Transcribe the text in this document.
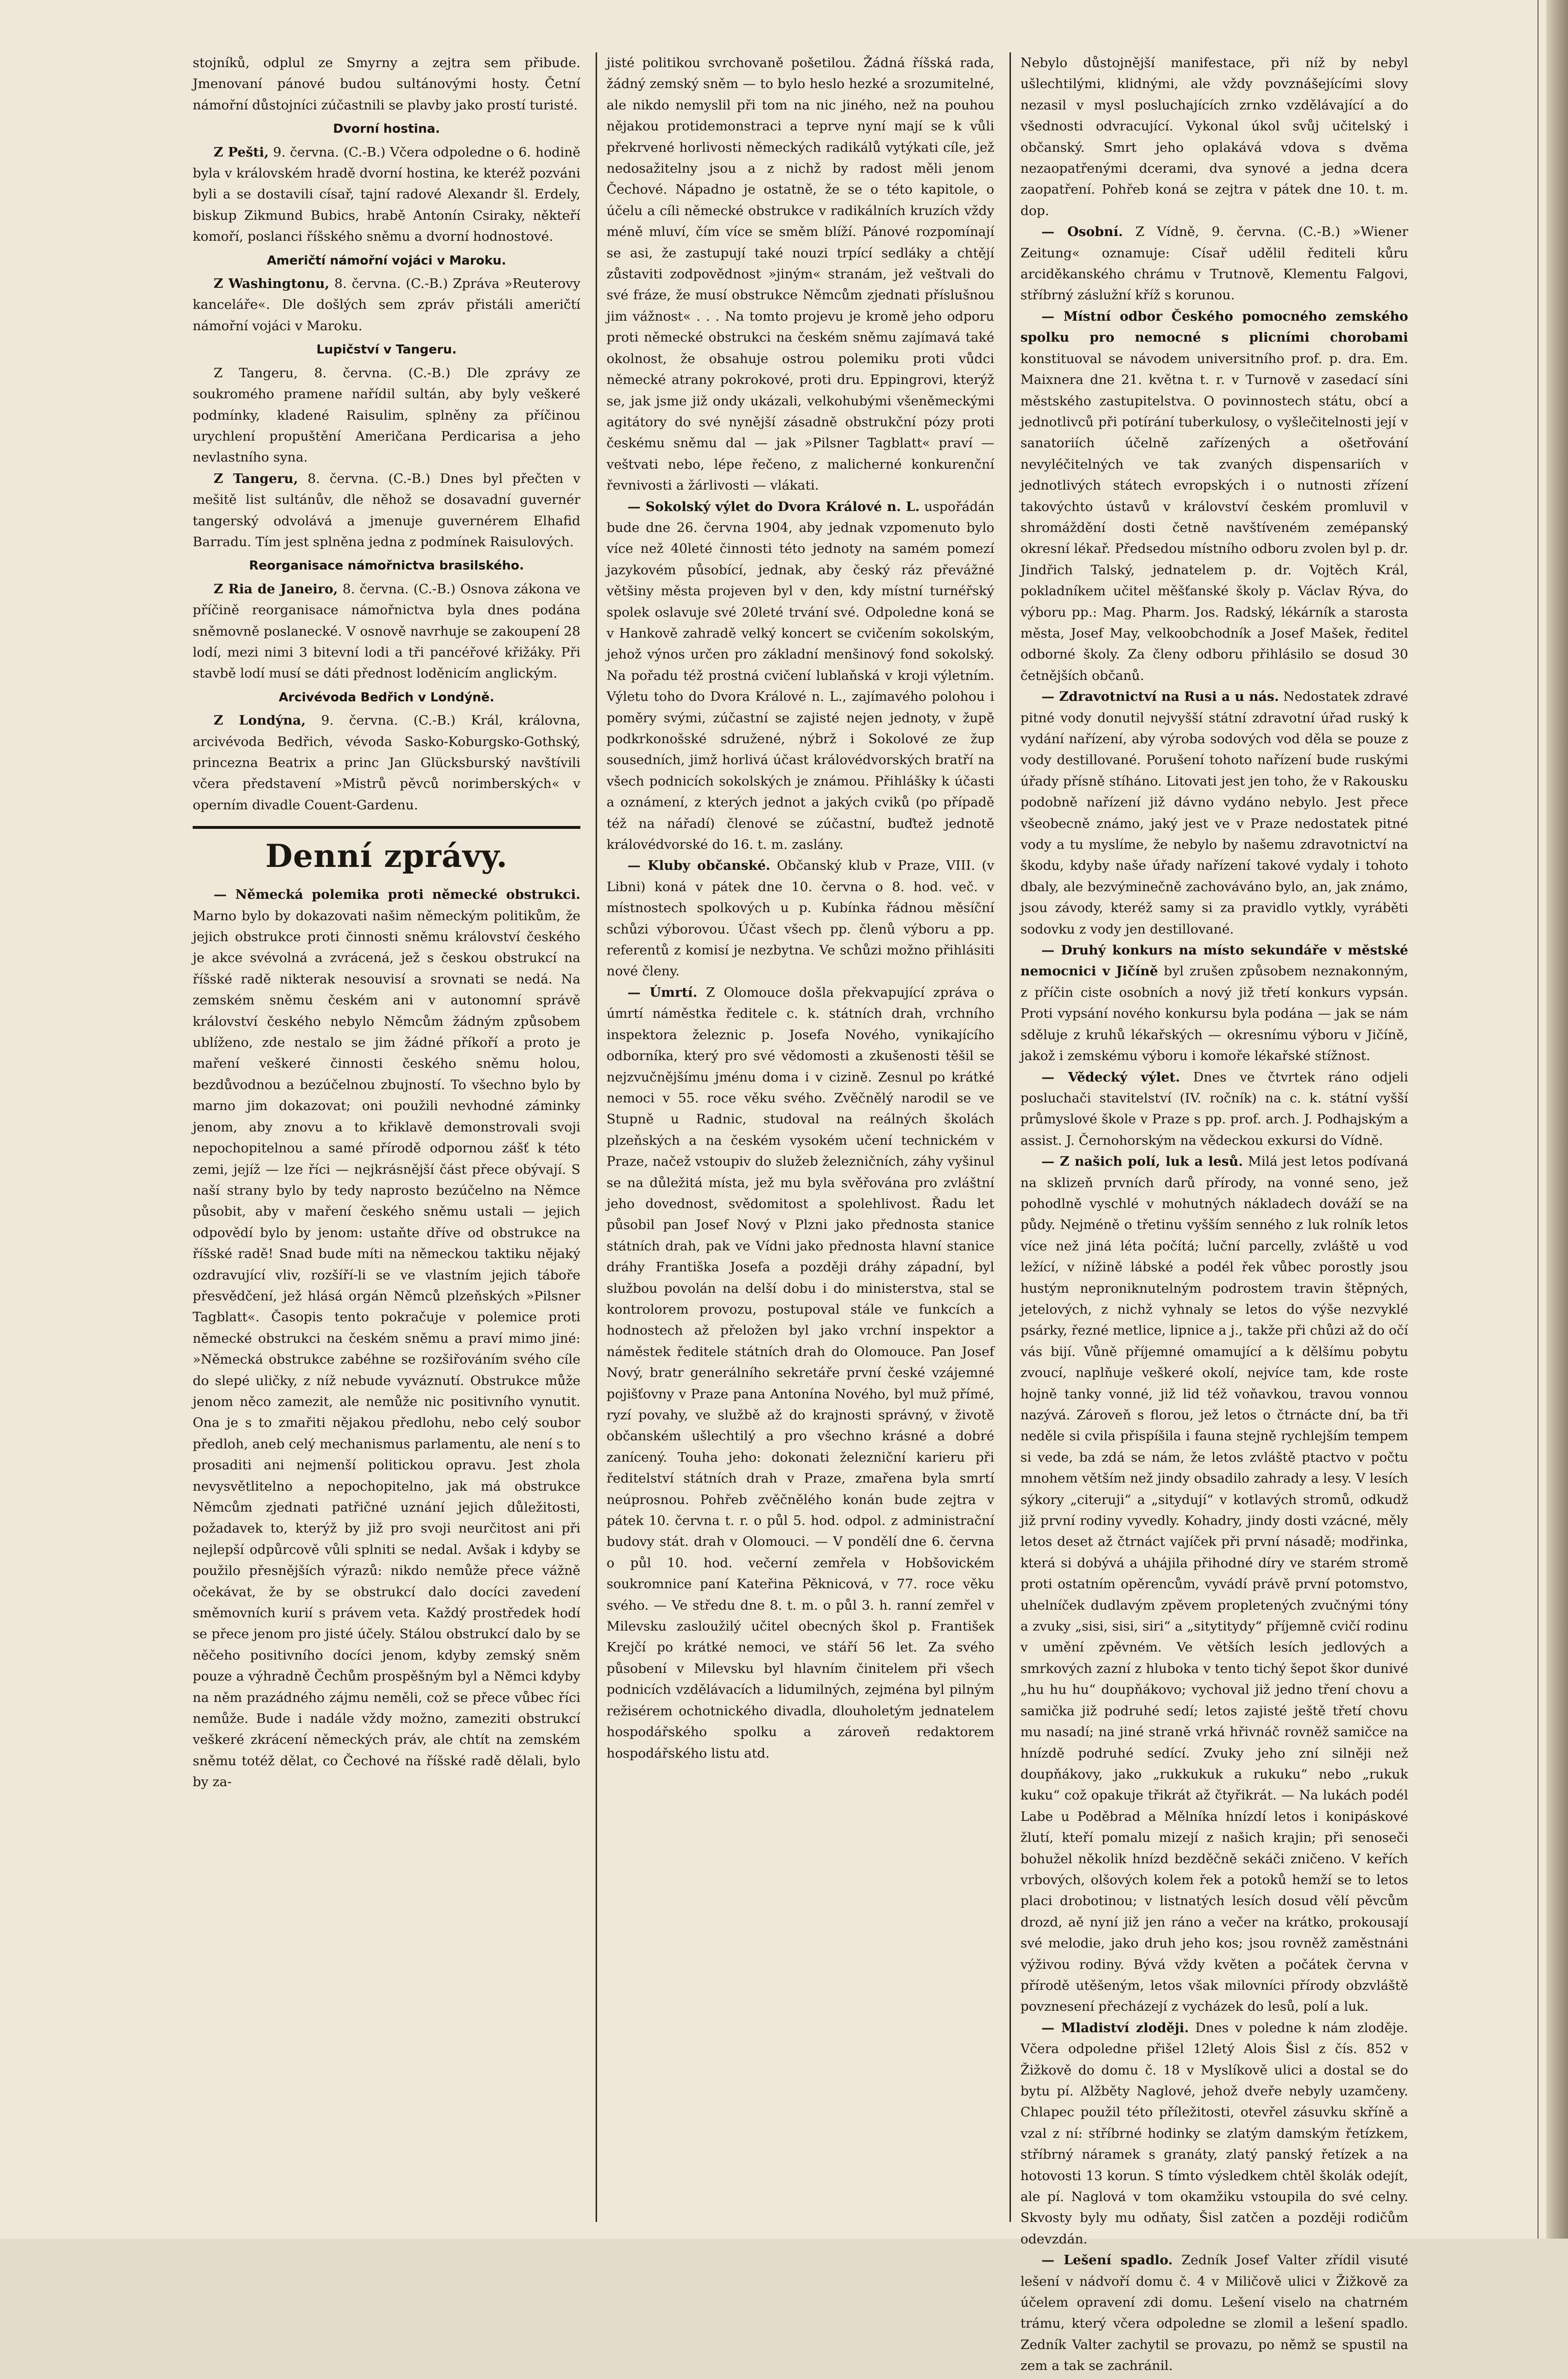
stojníků, odplul ze Smyrny a zejtra sem přibude. Jmenovaní pánové budou sultánovými hosty. Četní námořní důstojníci zúčastnili se plavby jako prostí turisté.

Dvorní hostina.

Z Pešti, 9. června. (C.-B.) Včera odpoledne o 6. hodině byla v královském hradě dvorní hostina, ke kteréž pozváni byli a se dostavili císař, tajní radové Alexandr šl. Erdely, biskup Zikmund Bubics, hrabě Antonín Csiraky, někteří komoří, poslanci říšského sněmu a dvorní hodnostové.

Američtí námořní vojáci v Maroku.

Z Washingtonu, 8. června. (C.-B.) Zpráva »Reuterovy kanceláře«. Dle došlých sem zpráv přistáli američtí námořní vojáci v Maroku.

Lupičství v Tangeru.

Z Tangeru, 8. června. (C.-B.) Dle zprávy ze soukromého pramene nařídil sultán, aby byly veškeré podmínky, kladené Raisulim, splněny za příčinou urychlení propuštění Američana Perdicarisa a jeho nevlastního syna.

Z Tangeru, 8. června. (C.-B.) Dnes byl přečten v mešitě list sultánův, dle něhož se dosavadní guvernér tangerský odvolává a jmenuje guvernérem Elhafid Barradu. Tím jest splněna jedna z podmínek Raisulových.

Reorganisace námořnictva brasilského.

Z Ria de Janeiro, 8. června. (C.-B.) Osnova zákona ve příčině reorganisace námořnictva byla dnes podána sněmovně poslanecké. V osnově navrhuje se zakoupení 28 lodí, mezi nimi 3 bitevní lodi a tři pancéřové křižáky. Při stavbě lodí musí se dáti přednost loděnicím anglickým.

Arcivévoda Bedřich v Londýně.

Z Londýna, 9. června. (C.-B.) Král, královna, arcivévoda Bedřich, vévoda Sasko-Koburgsko-Gothský, princezna Beatrix a princ Jan Glücksburský navštívili včera představení »Mistrů pěvců norimberských« v operním divadle Couent-Gardenu.

Denní zprávy.

— Německá polemika proti německé obstrukci. Marno bylo by dokazovati našim německým politikům, že jejich obstrukce proti činnosti sněmu království českého je akce svévolná a zvrácená, jež s českou obstrukcí na říšské radě nikterak nesouvisí a srovnati se nedá. Na zemském sněmu českém ani v autonomní správě království českého nebylo Němcům žádným způsobem ublíženo, zde nestalo se jim žádné příkoří a proto je maření veškeré činnosti českého sněmu holou, bezdůvodnou a bezúčelnou zbujností. To všechno bylo by marno jim dokazovat; oni použili nevhodné záminky jenom, aby znovu a to křiklavě demonstrovali svoji nepochopitelnou a samé přírodě odpornou zášť k této zemi, jejíž — lze říci — nejkrásnější část přece obývají. S naší strany bylo by tedy naprosto bezúčelno na Němce působit, aby v maření českého sněmu ustali — jejich odpovědí bylo by jenom: ustaňte dříve od obstrukce na říšské radě! Snad bude míti na německou taktiku nějaký ozdravující vliv, rozšíří-li se ve vlastním jejich táboře přesvědčení, jež hlásá orgán Němců plzeňských »Pilsner Tagblatt«. Časopis tento pokračuje v polemice proti německé obstrukci na českém sněmu a praví mimo jiné: »Německá obstrukce zabéhne se rozšiřováním svého cíle do slepé uličky, z níž nebude vyváznutí. Obstrukce může jenom něco zamezit, ale nemůže nic positivního vynutit. Ona je s to zmařiti nějakou předlohu, nebo celý soubor předloh, aneb celý mechanismus parlamentu, ale není s to prosaditi ani nejmenší politickou opravu. Jest zhola nevysvětlitelno a nepochopitelno, jak má obstrukce Němcům zjednati patřičné uznání jejich důležitosti, požadavek to, kterýž by již pro svoji neurčitost ani při nejlepší odpůrcově vůli splniti se nedal. Avšak i kdyby se použilo přesnějších výrazů: nikdo nemůže přece vážně očekávat, že by se obstrukcí dalo docíci zavedení směmovních kurií s právem veta. Každý prostředek hodí se přece jenom pro jisté účely. Stálou obstrukcí dalo by se něčeho positivního docíci jenom, kdyby zemský sněm pouze a výhradně Čechům prospěšným byl a Němci kdyby na něm prazádného zájmu neměli, což se přece vůbec říci nemůže. Bude i nadále vždy možno, zameziti obstrukcí veškeré zkrácení německých práv, ale chtít na zemském sněmu totéž dělat, co Čechové na říšské radě dělali, bylo by za-

jisté politikou svrchovaně pošetilou. Žádná říšská rada, žádný zemský sněm — to bylo heslo hezké a srozumitelné, ale nikdo nemyslil při tom na nic jiného, než na pouhou nějakou protidemonstraci a teprve nyní mají se k vůli překrvené horlivosti německých radikálů vytýkati cíle, jež nedosažitelny jsou a z nichž by radost měli jenom Čechové. Nápadno je ostatně, že se o této kapitole, o účelu a cíli německé obstrukce v radikálních kruzích vždy méně mluví, čím více se směm blíží. Pánové rozpomínají se asi, že zastupují také nouzi trpící sedláky a chtějí zůstaviti zodpovědnost »jiným« stranám, jež veštvali do své fráze, že musí obstrukce Němcům zjednati příslušnou jim vážnost« . . . Na tomto projevu je kromě jeho odporu proti německé obstrukci na českém sněmu zajímavá také okolnost, že obsahuje ostrou polemiku proti vůdci německé atrany pokrokové, proti dru. Eppingrovi, kterýž se, jak jsme již ondy ukázali, velkohubými všeněmeckými agitátory do své nynější zásadně obstrukční pózy proti českému sněmu dal — jak »Pilsner Tagblatt« praví — veštvati nebo, lépe řečeno, z malicherné konkurenční řevnivosti a žárlivosti — vlákati.

— Sokolský výlet do Dvora Králové n. L. uspořádán bude dne 26. června 1904, aby jednak vzpomenuto bylo více než 40leté činnosti této jednoty na samém pomezí jazykovém působící, jednak, aby český ráz převážné většiny města projeven byl v den, kdy místní turnéřský spolek oslavuje své 20leté trvání své. Odpoledne koná se v Hankově zahradě velký koncert se cvičením sokolským, jehož výnos určen pro základní menšinový fond sokolský. Na pořadu též prostná cvičení lublaňská v kroji výletním. Výletu toho do Dvora Králové n. L., zajímavého polohou i poměry svými, zúčastní se zajisté nejen jednoty, v župě podkrkonošské sdružené, nýbrž i Sokolové ze žup sousedních, jimž horlivá účast královédvorských bratří na všech podnicích sokolských je známou. Přihlášky k účasti a oznámení, z kterých jednot a jakých cviků (po případě též na nářadí) členové se zúčastní, buďtež jednotě královédvorské do 16. t. m. zaslány.

— Kluby občanské. Občanský klub v Praze, VIII. (v Libni) koná v pátek dne 10. června o 8. hod. več. v místnostech spolkových u p. Kubínka řádnou měsíční schůzi výborovou. Účast všech pp. členů výboru a pp. referentů z komisí je nezbytna. Ve schůzi možno přihlásiti nové členy.

— Úmrtí. Z Olomouce došla překvapující zpráva o úmrtí náměstka ředitele c. k. státních drah, vrchního inspektora železnic p. Josefa Nového, vynikajícího odborníka, který pro své vědomosti a zkušenosti těšil se nejzvučnějšímu jménu doma i v cizině. Zesnul po krátké nemoci v 55. roce věku svého. Zvěčnělý narodil se ve Stupně u Radnic, studoval na reálných školách plzeňských a na českém vysokém učení technickém v Praze, načež vstoupiv do služeb železničních, záhy vyšinul se na důležitá místa, jež mu byla svěřována pro zvláštní jeho dovednost, svědomitost a spolehlivost. Řadu let působil pan Josef Nový v Plzni jako přednosta stanice státních drah, pak ve Vídni jako přednosta hlavní stanice dráhy Františka Josefa a později dráhy západní, byl službou povolán na delší dobu i do ministerstva, stal se kontrolorem provozu, postupoval stále ve funkcích a hodnostech až přeložen byl jako vrchní inspektor a náměstek ředitele státních drah do Olomouce. Pan Josef Nový, bratr generálního sekretáře první české vzájemné pojišťovny v Praze pana Antonína Nového, byl muž přímé, ryzí povahy, ve službě až do krajnosti správný, v životě občanském ušlechtilý a pro všechno krásné a dobré zanícený. Touha jeho: dokonati železniční karieru při ředitelství státních drah v Praze, zmařena byla smrtí neúprosnou. Pohřeb zvěčnělého konán bude zejtra v pátek 10. června t. r. o půl 5. hod. odpol. z administrační budovy stát. drah v Olomouci. — V pondělí dne 6. června o půl 10. hod. večerní zemřela v Hobšovickém soukromnice paní Kateřina Pěknicová, v 77. roce věku svého. — Ve středu dne 8. t. m. o půl 3. h. ranní zemřel v Milevsku zasloužilý učitel obecných škol p. František Krejčí po krátké nemoci, ve stáří 56 let. Za svého působení v Milevsku byl hlavním činitelem při všech podnicích vzdělávacích a lidumilných, zejména byl pilným režisérem ochotnického divadla, dlouholetým jednatelem hospodářského spolku a zároveň redaktorem hospodářského listu atd.

Nebylo důstojnější manifestace, při níž by nebyl ušlechtilými, klidnými, ale vždy povznášejícími slovy nezasil v mysl posluchajících zrnko vzdělávající a do všednosti odvracující. Vykonal úkol svůj učitelský i občanský. Smrt jeho oplakává vdova s dvěma nezaopatřenými dcerami, dva synové a jedna dcera zaopatření. Pohřeb koná se zejtra v pátek dne 10. t. m. dop.

— Osobní. Z Vídně, 9. června. (C.-B.) »Wiener Zeitung« oznamuje: Císař udělil řediteli kůru arciděkanského chrámu v Trutnově, Klementu Falgovi, stříbrný záslužní kříž s korunou.

— Místní odbor Českého pomocného zemského spolku pro nemocné s plicními chorobami konstituoval se návodem universitního prof. p. dra. Em. Maixnera dne 21. května t. r. v Turnově v zasedací síni městského zastupitelstva. O povinnostech státu, obcí a jednotlivců při potírání tuberkulosy, o vyšlečitelnosti její v sanatoriích účelně zařízených a ošetřování nevyléčitelných ve tak zvaných dispensariích v jednotlivých státech evropských i o nutnosti zřízení takovýchto ústavů v království českém promluvil v shromáždění dosti četně navštíveném zemépanský okresní lékař. Předsedou místního odboru zvolen byl p. dr. Jindřich Talský, jednatelem p. dr. Vojtěch Král, pokladníkem učitel měšťanské školy p. Václav Rýva, do výboru pp.: Mag. Pharm. Jos. Radský, lékárník a starosta města, Josef May, velkoobchodník a Josef Mašek, ředitel odborné školy. Za členy odboru přihlásilo se dosud 30 četnějších občanů.

— Zdravotnictví na Rusi a u nás. Nedostatek zdravé pitné vody donutil nejvyšší státní zdravotní úřad ruský k vydání nařízení, aby výroba sodových vod děla se pouze z vody destillované. Porušení tohoto nařízení bude ruskými úřady přísně stíháno. Litovati jest jen toho, že v Rakousku podobně nařízení již dávno vydáno nebylo. Jest přece všeobecně známo, jaký jest ve v Praze nedostatek pitné vody a tu myslíme, že nebylo by našemu zdravotnictví na škodu, kdyby naše úřady nařízení takové vydaly i tohoto dbaly, ale bezvýminečně zachováváno bylo, an, jak známo, jsou závody, kteréž samy si za pravidlo vytkly, vyráběti sodovku z vody jen destillované.

— Druhý konkurs na místo sekundáře v městské nemocnici v Jičíně byl zrušen způsobem neznakonným, z příčin ciste osobních a nový již třetí konkurs vypsán. Proti vypsání nového konkursu byla podána — jak se nám sděluje z kruhů lékařských — okresnímu výboru v Jičíně, jakož i zemskému výboru i komoře lékařské stížnost.

— Vědecký výlet. Dnes ve čtvrtek ráno odjeli posluchači stavitelství (IV. ročník) na c. k. státní vyšší průmyslové škole v Praze s pp. prof. arch. J. Podhajským a assist. J. Černohorským na vědeckou exkursi do Vídně.

— Z našich polí, luk a lesů. Milá jest letos podívaná na sklizeň prvních darů přírody, na vonné seno, jež pohodlně vyschlé v mohutných nákladech dováží se na půdy. Nejméně o třetinu vyšším senného z luk rolník letos více než jiná léta počítá; luční parcelly, zvláště u vod ležící, v nížině lábské a podél řek vůbec porostly jsou hustým neproniknutelným podrostem travin štěpných, jetelových, z nichž vyhnaly se letos do výše nezvyklé psárky, řezné metlice, lipnice a j., takže při chůzi až do očí vás bijí. Vůně příjemné omamující a k dělšímu pobytu zvoucí, naplňuje veškeré okolí, nejvíce tam, kde roste hojně tanky vonné, již lid též voňavkou, travou vonnou nazývá. Zároveň s florou, jež letos o čtrnácte dní, ba tři neděle si cvila přispíšila i fauna stejně rychlejším tempem si vede, ba zdá se nám, že letos zvláště ptactvo v počtu mnohem větším než jindy obsadilo zahrady a lesy. V lesích sýkory „citeruji“ a „sitydují“ v kotlavých stromů, odkudž již první rodiny vyvedly. Kohadry, jindy dosti vzácné, měly letos deset až čtrnáct vajíček při první násadě; modřinka, která si dobývá a uhájila přihodné díry ve starém stromě proti ostatním opěrencům, vyvádí právě první potomstvo, uhelníček dudlavým zpěvem propletených zvučnými tóny a zvuky „sisi, sisi, siri“ a „sitytitydy“ příjemně cvičí rodinu v umění zpěvném. Ve větších lesích jedlových a smrkových zazní z hluboka v tento tichý šepot škor dunivé „hu hu hu“ doupňákovo; vychoval již jedno tření chovu a samička již podruhé sedí; letos zajisté ještě třetí chovu mu nasadí; na jiné straně vrká hřivnáč rovněž samičce na hnízdě podruhé sedící. Zvuky jeho zní silněji než doupňákovy, jako „rukkukuk a rukuku“ nebo „rukuk kuku“ což opakuje třikrát až čtyřikrát. — Na lukách podél Labe u Poděbrad a Mělníka hnízdí letos i konipáskové žlutí, kteří pomalu mizejí z našich krajin; při senoseči bohužel několik hnízd bezděčně sekáči zničeno. V keřích vrbových, olšových kolem řek a potoků hemží se to letos placi drobotinou; v listnatých lesích dosud vělí pěvcům drozd, aě nyní již jen ráno a večer na krátko, prokousají své melodie, jako druh jeho kos; jsou rovněž zaměstnáni výživou rodiny. Bývá vždy květen a počátek června v přírodě utěšeným, letos však milovníci přírody obzvláště povznesení přecházejí z vycházek do lesů, polí a luk.

— Mladiství zloději. Dnes v poledne k nám zloděje. Včera odpoledne přišel 12letý Alois Šisl z čís. 852 v Žižkově do domu č. 18 v Myslíkově ulici a dostal se do bytu pí. Alžběty Naglové, jehož dveře nebyly uzamčeny. Chlapec použil této příležitosti, otevřel zásuvku skříně a vzal z ní: stříbrné hodinky se zlatým damským řetízkem, stříbrný náramek s granáty, zlatý panský řetízek a na hotovosti 13 korun. S tímto výsledkem chtěl školák odejít, ale pí. Naglová v tom okamžiku vstoupila do své celny. Skvosty byly mu odňaty, Šisl zatčen a později rodičům odevzdán.

— Lešení spadlo. Zedník Josef Valter zřídil visuté lešení v nádvoří domu č. 4 v Miličově ulici v Žižkově za účelem opravení zdi domu. Lešení viselo na chatrném trámu, který včera odpoledne se zlomil a lešení spadlo. Zedník Valter zachytil se provazu, po němž se spustil na zem a tak se zachránil.
